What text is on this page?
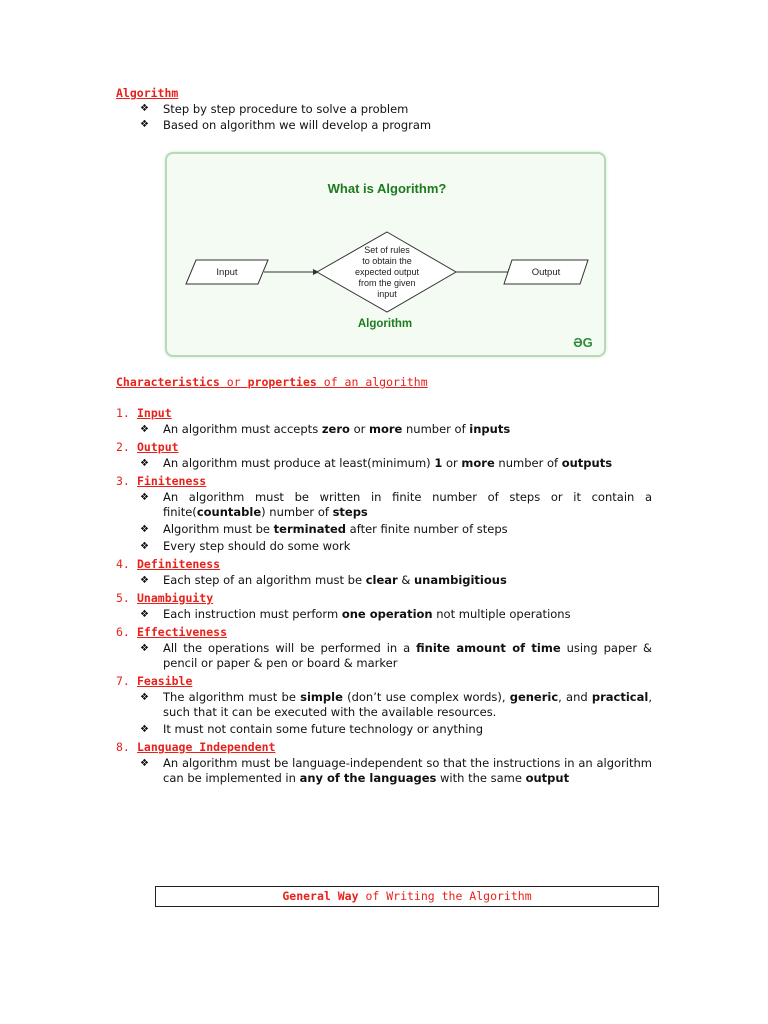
Algorithm
❖ Step by step procedure to solve a problem
❖ Based on algorithm we will develop a program
What is Algorithm?
Input
Set of rules
to obtain the
expected output
from the given
input
Output
Algorithm
ƏG
Characteristics or properties of an algorithm
1. Input
❖ An algorithm must accepts zero or more number of inputs
2. Output
❖ An algorithm must produce at least(minimum) 1 or more number of outputs
3. Finiteness
❖ An algorithm must be written in finite number of steps or it contain a finite(countable) number of steps
❖ Algorithm must be terminated after finite number of steps
❖ Every step should do some work
4. Definiteness
❖ Each step of an algorithm must be clear & unambigitious
5. Unambiguity
❖ Each instruction must perform one operation not multiple operations
6. Effectiveness
❖ All the operations will be performed in a finite amount of time using paper & pencil or paper & pen or board & marker
7. Feasible
❖ The algorithm must be simple (don’t use complex words), generic, and practical, such that it can be executed with the available resources.
❖ It must not contain some future technology or anything
8. Language Independent
❖ An algorithm must be language-independent so that the instructions in an algorithm can be implemented in any of the languages with the same output
General Way of Writing the Algorithm
